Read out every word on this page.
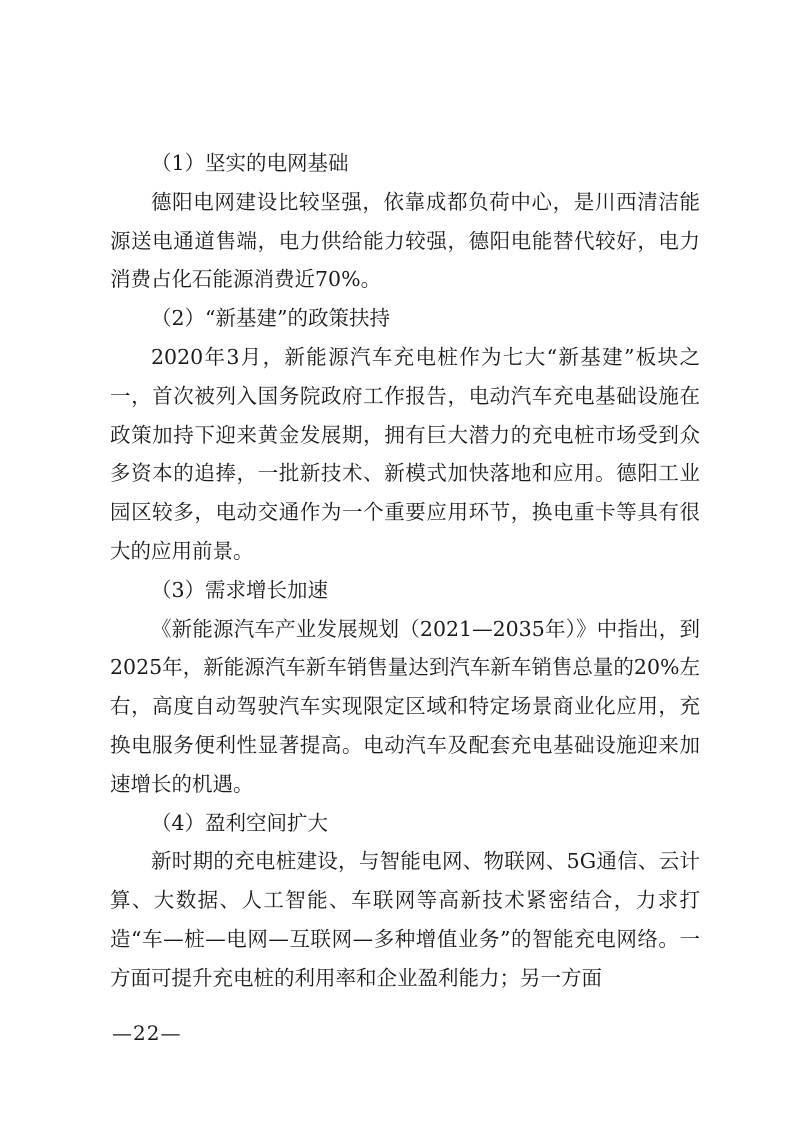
（1）坚实的电网基础

德阳电网建设比较坚强，依靠成都负荷中心，是川西清洁能源送电通道售端，电力供给能力较强，德阳电能替代较好，电力消费占化石能源消费近70%。

（2）“新基建”的政策扶持

2020年3月，新能源汽车充电桩作为七大“新基建”板块之一，首次被列入国务院政府工作报告，电动汽车充电基础设施在政策加持下迎来黄金发展期，拥有巨大潜力的充电桩市场受到众多资本的追捧，一批新技术、新模式加快落地和应用。德阳工业园区较多，电动交通作为一个重要应用环节，换电重卡等具有很大的应用前景。

（3）需求增长加速

《新能源汽车产业发展规划（2021—2035年）》中指出，到2025年，新能源汽车新车销售量达到汽车新车销售总量的20%左右，高度自动驾驶汽车实现限定区域和特定场景商业化应用，充换电服务便利性显著提高。电动汽车及配套充电基础设施迎来加速增长的机遇。

（4）盈利空间扩大

新时期的充电桩建设，与智能电网、物联网、5G通信、云计算、大数据、人工智能、车联网等高新技术紧密结合，力求打造“车—桩—电网—互联网—多种增值业务”的智能充电网络。一方面可提升充电桩的利用率和企业盈利能力；另一方面

—22—
